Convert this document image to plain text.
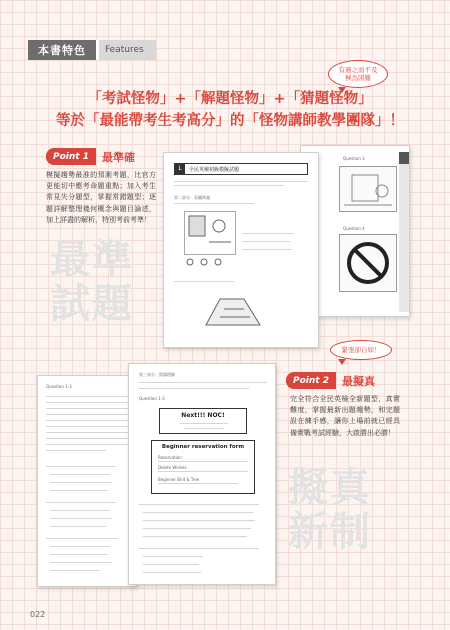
本書特色	Features
有過之而不及
極為困難
「考試怪物」+「解題怪物」+「猜題怪物」
等於「最能帶考生考高分」的「怪物講師教學團隊」！
Point 1	最準確
模擬趨勢最准的預測考題，比官方更能切中應考命題重點；加入考生常見失分題型，掌握常錯題型；逐題詳解整理幾何概念與題目論述，加上詳盡的解析，特別考前考準！
最準
試題
Question 3
Question 4
L	全民英檢初級模擬試題
第二部分：看圖辨義
Question 1-3
第三部分：閱讀理解
Question 1-3
Next!!! NOC!
Beginner reservation form
Reservation
Delete Wishes
Beginner Bird & Tree
緊張卻自如！
Point 2	最擬真
完全符合全民英檢全新題型，真實難度，掌握最新出題趨勢，和完題設在練手感，讓你上場前就已經具備實戰考試經驗，大啟勝出必勝！
擬真
新制
022
